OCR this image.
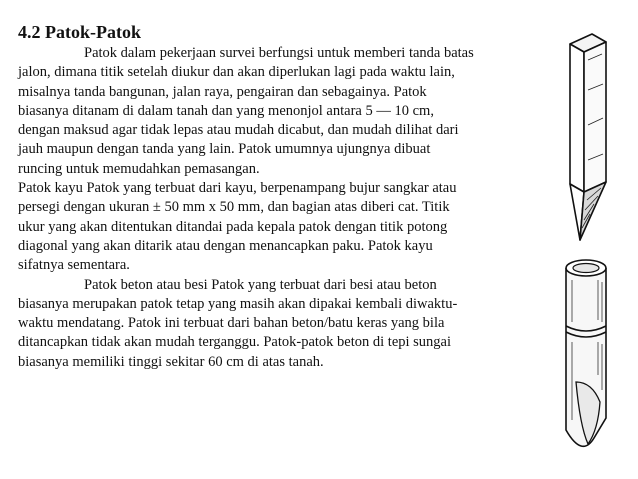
4.2 Patok-Patok

Patok dalam pekerjaan survei berfungsi untuk memberi tanda batas
jalon, dimana titik setelah diukur dan akan diperlukan lagi pada waktu lain,
misalnya tanda bangunan, jalan raya, pengairan dan sebagainya. Patok
biasanya ditanam di dalam tanah dan yang menonjol antara 5 — 10 cm,
dengan maksud agar tidak lepas atau mudah dicabut, dan mudah dilihat dari
jauh maupun dengan tanda yang lain. Patok umumnya ujungnya dibuat
runcing untuk memudahkan pemasangan.

Patok kayu Patok yang terbuat dari kayu, berpenampang bujur sangkar atau
persegi dengan ukuran ± 50 mm x 50 mm, dan bagian atas diberi cat. Titik
ukur yang akan ditentukan ditandai pada kepala patok dengan titik potong
diagonal yang akan ditarik atau dengan menancapkan paku. Patok kayu
sifatnya sementara.

Patok beton atau besi Patok yang terbuat dari besi atau beton
biasanya merupakan patok tetap yang masih akan dipakai kembali diwaktu-
waktu mendatang. Patok ini terbuat dari bahan beton/batu keras yang bila
ditancapkan tidak akan mudah terganggu. Patok-patok beton di tepi sungai
biasanya memiliki tinggi sekitar 60 cm di atas tanah.
